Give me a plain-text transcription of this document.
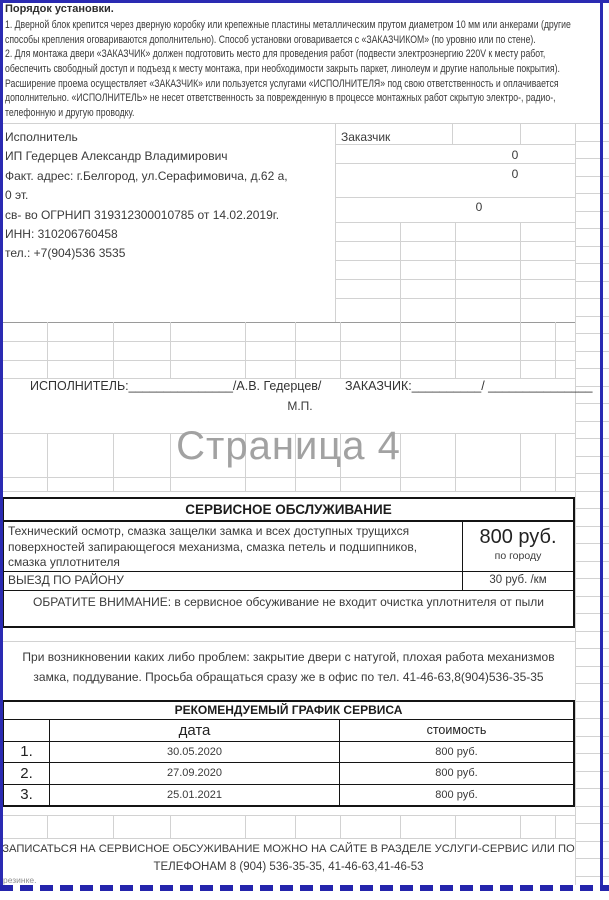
Порядок установки.
1. Дверной блок крепится через дверную коробку или крепежные пластины металлическим прутом диаметром 10 мм или анкерами (другие
способы крепления оговариваются дополнительно). Способ установки оговаривается с «ЗАКАЗЧИКОМ» (по уровню или по стене).
2. Для монтажа двери «ЗАКАЗЧИК» должен подготовить место для проведения работ (подвести электроэнергию 220V к месту работ,
обеспечить свободный доступ и подъезд к месту монтажа, при необходимости закрыть паркет, линолеум и другие напольные покрытия).
Расширение проема осуществляет «ЗАКАЗЧИК» или пользуется услугами «ИСПОЛНИТЕЛЯ» под свою ответственность и оплачивается
дополнительно. «ИСПОЛНИТЕЛЬ» не несет ответственность за поврежденную в процессе монтажных работ скрытую электро-, радио-,
телефонную и другую проводку.
Исполнитель
ИП Гедерцев Александр Владимирович
Факт. адрес: г.Белгород, ул.Серафимовича, д.62 а,
0 эт.
св- во ОГРНИП 319312300010785 от 14.02.2019г.
ИНН: 310206760458
тел.: +7(904)536 3535
Заказчик
0
0
0
ИСПОЛНИТЕЛЬ:_______________/А.В. Гедерцев/ ЗАКАЗЧИК:__________/ _______________
М.П.
Страница 4
СЕРВИСНОЕ ОБСЛУЖИВАНИЕ
Технический осмотр, смазка защелки замка и всех доступных трущихся
поверхностей запирающегося механизма, смазка петель и подшипников,
смазка уплотнителя
800 руб.
по городу
ВЫЕЗД ПО РАЙОНУ	30 руб. /км
ОБРАТИТЕ ВНИМАНИЕ: в сервисное обсуживание не входит очистка уплотнителя от пыли
При возникновении каких либо проблем: закрытие двери с натугой, плохая работа механизмов
замка, поддувание. Просьба обращаться сразу же в офис по тел. 41-46-63,8(904)536-35-35
РЕКОМЕНДУЕМЫЙ ГРАФИК СЕРВИСА
дата	стоимость
1.	30.05.2020	800 руб.
2.	27.09.2020	800 руб.
3.	25.01.2021	800 руб.
ЗАПИСАТЬСЯ НА СЕРВИСНОЕ ОБСУЖИВАНИЕ МОЖНО НА САЙТЕ В РАЗДЕЛЕ УСЛУГИ-СЕРВИС ИЛИ ПО
ТЕЛЕФОНАМ 8 (904) 536-35-35, 41-46-63,41-46-53
резинке.
